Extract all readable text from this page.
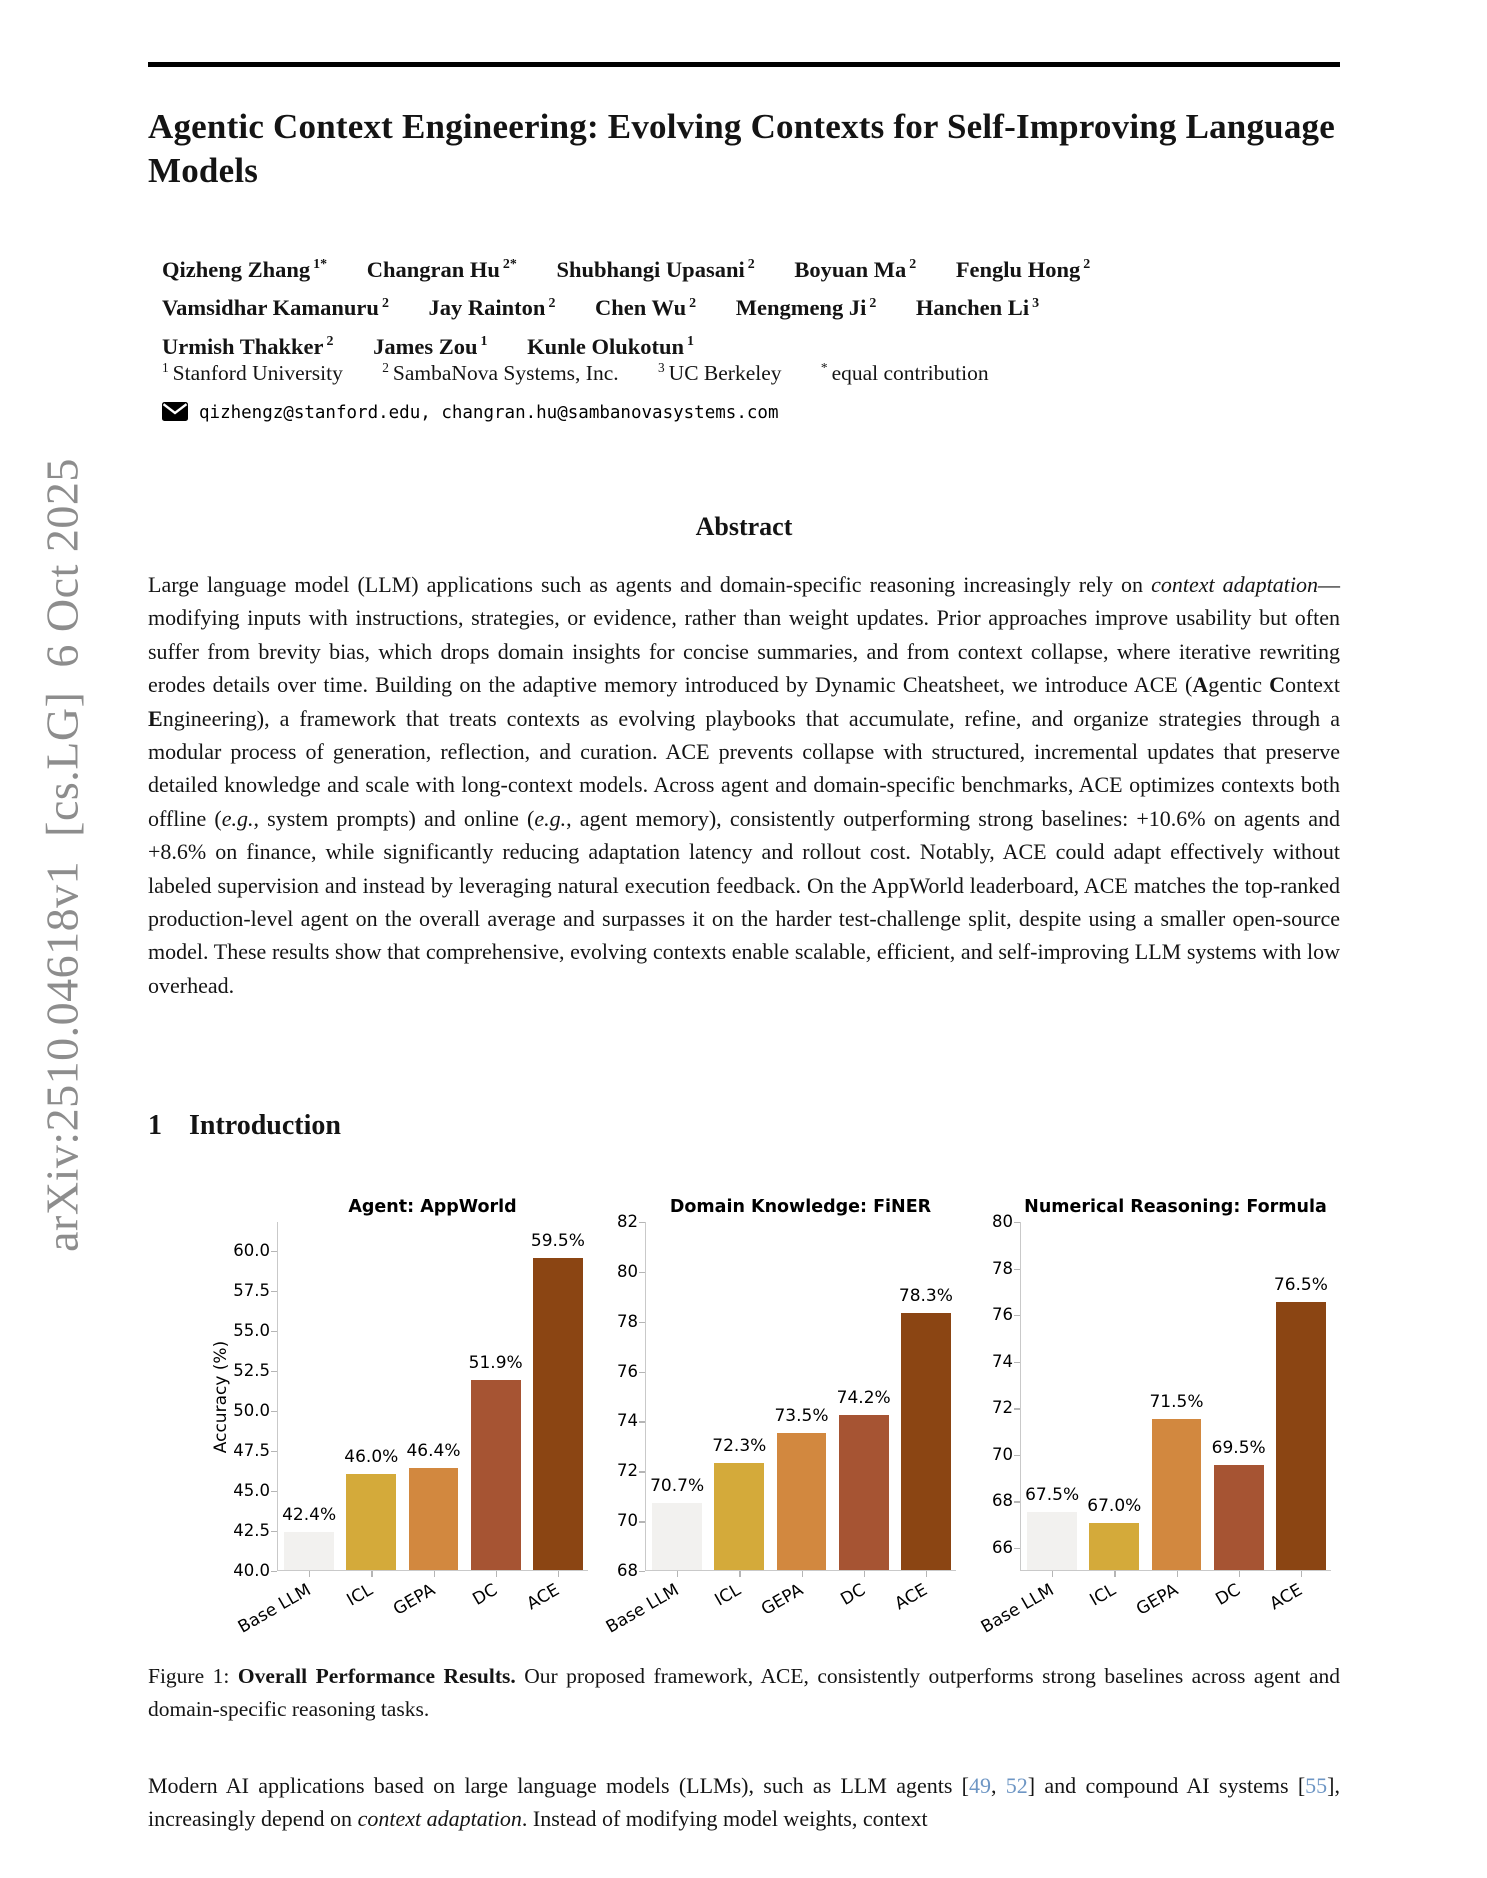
arXiv:2510.04618v1  [cs.LG]  6 Oct 2025
Agentic Context Engineering: Evolving Contexts for Self-Improving Language Models
Qizheng Zhang $^{1*}$ Changran Hu $^{2*}$ Shubhangi Upasani $^2$ Boyuan Ma $^2$ Fenglu Hong $^2$
Vamsidhar Kamanuru $^2$ Jay Rainton $^2$ Chen Wu $^2$ Mengmeng Ji $^2$ Hanchen Li $^3$
Urmish Thakker $^2$ James Zou $^1$ Kunle Olukotun $^1$
$^1$ Stanford University	$^2$ SambaNova Systems, Inc.	$^3$ UC Berkeley	* equal contribution
qizhengz@stanford.edu, changran.hu@sambanovasystems.com
Abstract
Large language model (LLM) applications such as agents and domain-specific reasoning increasingly rely on context adaptation—modifying inputs with instructions, strategies, or evidence, rather than weight updates. Prior approaches improve usability but often suffer from brevity bias, which drops domain insights for concise summaries, and from context collapse, where iterative rewriting erodes details over time. Building on the adaptive memory introduced by Dynamic Cheatsheet, we introduce ACE (Agentic Context Engineering), a framework that treats contexts as evolving playbooks that accumulate, refine, and organize strategies through a modular process of generation, reflection, and curation. ACE prevents collapse with structured, incremental updates that preserve detailed knowledge and scale with long-context models. Across agent and domain-specific benchmarks, ACE optimizes contexts both offline (e.g., system prompts) and online (e.g., agent memory), consistently outperforming strong baselines: +10.6% on agents and +8.6% on finance, while significantly reducing adaptation latency and rollout cost. Notably, ACE could adapt effectively without labeled supervision and instead by leveraging natural execution feedback. On the AppWorld leaderboard, ACE matches the top-ranked production-level agent on the overall average and surpasses it on the harder test-challenge split, despite using a smaller open-source model. These results show that comprehensive, evolving contexts enable scalable, efficient, and self-improving LLM systems with low overhead.
1 Introduction
Agent: AppWorld
Accuracy (%)
40.0
42.5
45.0
47.5
50.0
52.5
55.0
57.5
60.0
42.4%
Base LLM
46.0%
ICL
46.4%
GEPA
51.9%
DC
59.5%
ACE
Domain Knowledge: FiNER
68
70
72
74
76
78
80
82
70.7%
Base LLM
72.3%
ICL
73.5%
GEPA
74.2%
DC
78.3%
ACE
Numerical Reasoning: Formula
66
68
70
72
74
76
78
80
67.5%
Base LLM
67.0%
ICL
71.5%
GEPA
69.5%
DC
76.5%
ACE
Figure 1: Overall Performance Results. Our proposed framework, ACE, consistently outperforms strong baselines across agent and domain-specific reasoning tasks.
Modern AI applications based on large language models (LLMs), such as LLM agents [49, 52] and compound AI systems [55], increasingly depend on context adaptation. Instead of modifying model weights, context
